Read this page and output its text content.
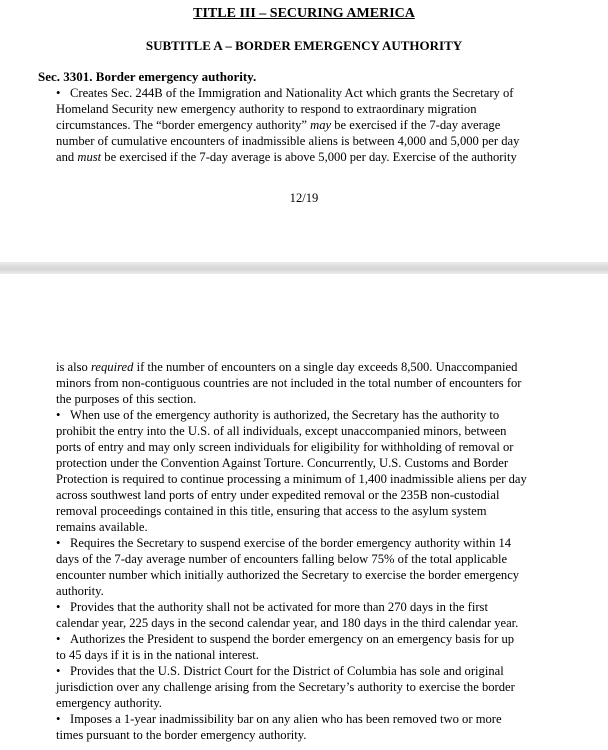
TITLE III – SECURING AMERICA
SUBTITLE A – BORDER EMERGENCY AUTHORITY
Sec. 3301. Border emergency authority.
• Creates Sec. 244B of the Immigration and Nationality Act which grants the Secretary of
Homeland Security new emergency authority to respond to extraordinary migration
circumstances. The “border emergency authority” may be exercised if the 7-day average
number of cumulative encounters of inadmissible aliens is between 4,000 and 5,000 per day
and must be exercised if the 7-day average is above 5,000 per day. Exercise of the authority
12/19
is also required if the number of encounters on a single day exceeds 8,500. Unaccompanied
minors from non-contiguous countries are not included in the total number of encounters for
the purposes of this section.
• When use of the emergency authority is authorized, the Secretary has the authority to
prohibit the entry into the U.S. of all individuals, except unaccompanied minors, between
ports of entry and may only screen individuals for eligibility for withholding of removal or
protection under the Convention Against Torture. Concurrently, U.S. Customs and Border
Protection is required to continue processing a minimum of 1,400 inadmissible aliens per day
across southwest land ports of entry under expedited removal or the 235B non-custodial
removal proceedings contained in this title, ensuring that access to the asylum system
remains available.
• Requires the Secretary to suspend exercise of the border emergency authority within 14
days of the 7-day average number of encounters falling below 75% of the total applicable
encounter number which initially authorized the Secretary to exercise the border emergency
authority.
• Provides that the authority shall not be activated for more than 270 days in the first
calendar year, 225 days in the second calendar year, and 180 days in the third calendar year.
• Authorizes the President to suspend the border emergency on an emergency basis for up
to 45 days if it is in the national interest.
• Provides that the U.S. District Court for the District of Columbia has sole and original
jurisdiction over any challenge arising from the Secretary’s authority to exercise the border
emergency authority.
• Imposes a 1-year inadmissibility bar on any alien who has been removed two or more
times pursuant to the border emergency authority.
